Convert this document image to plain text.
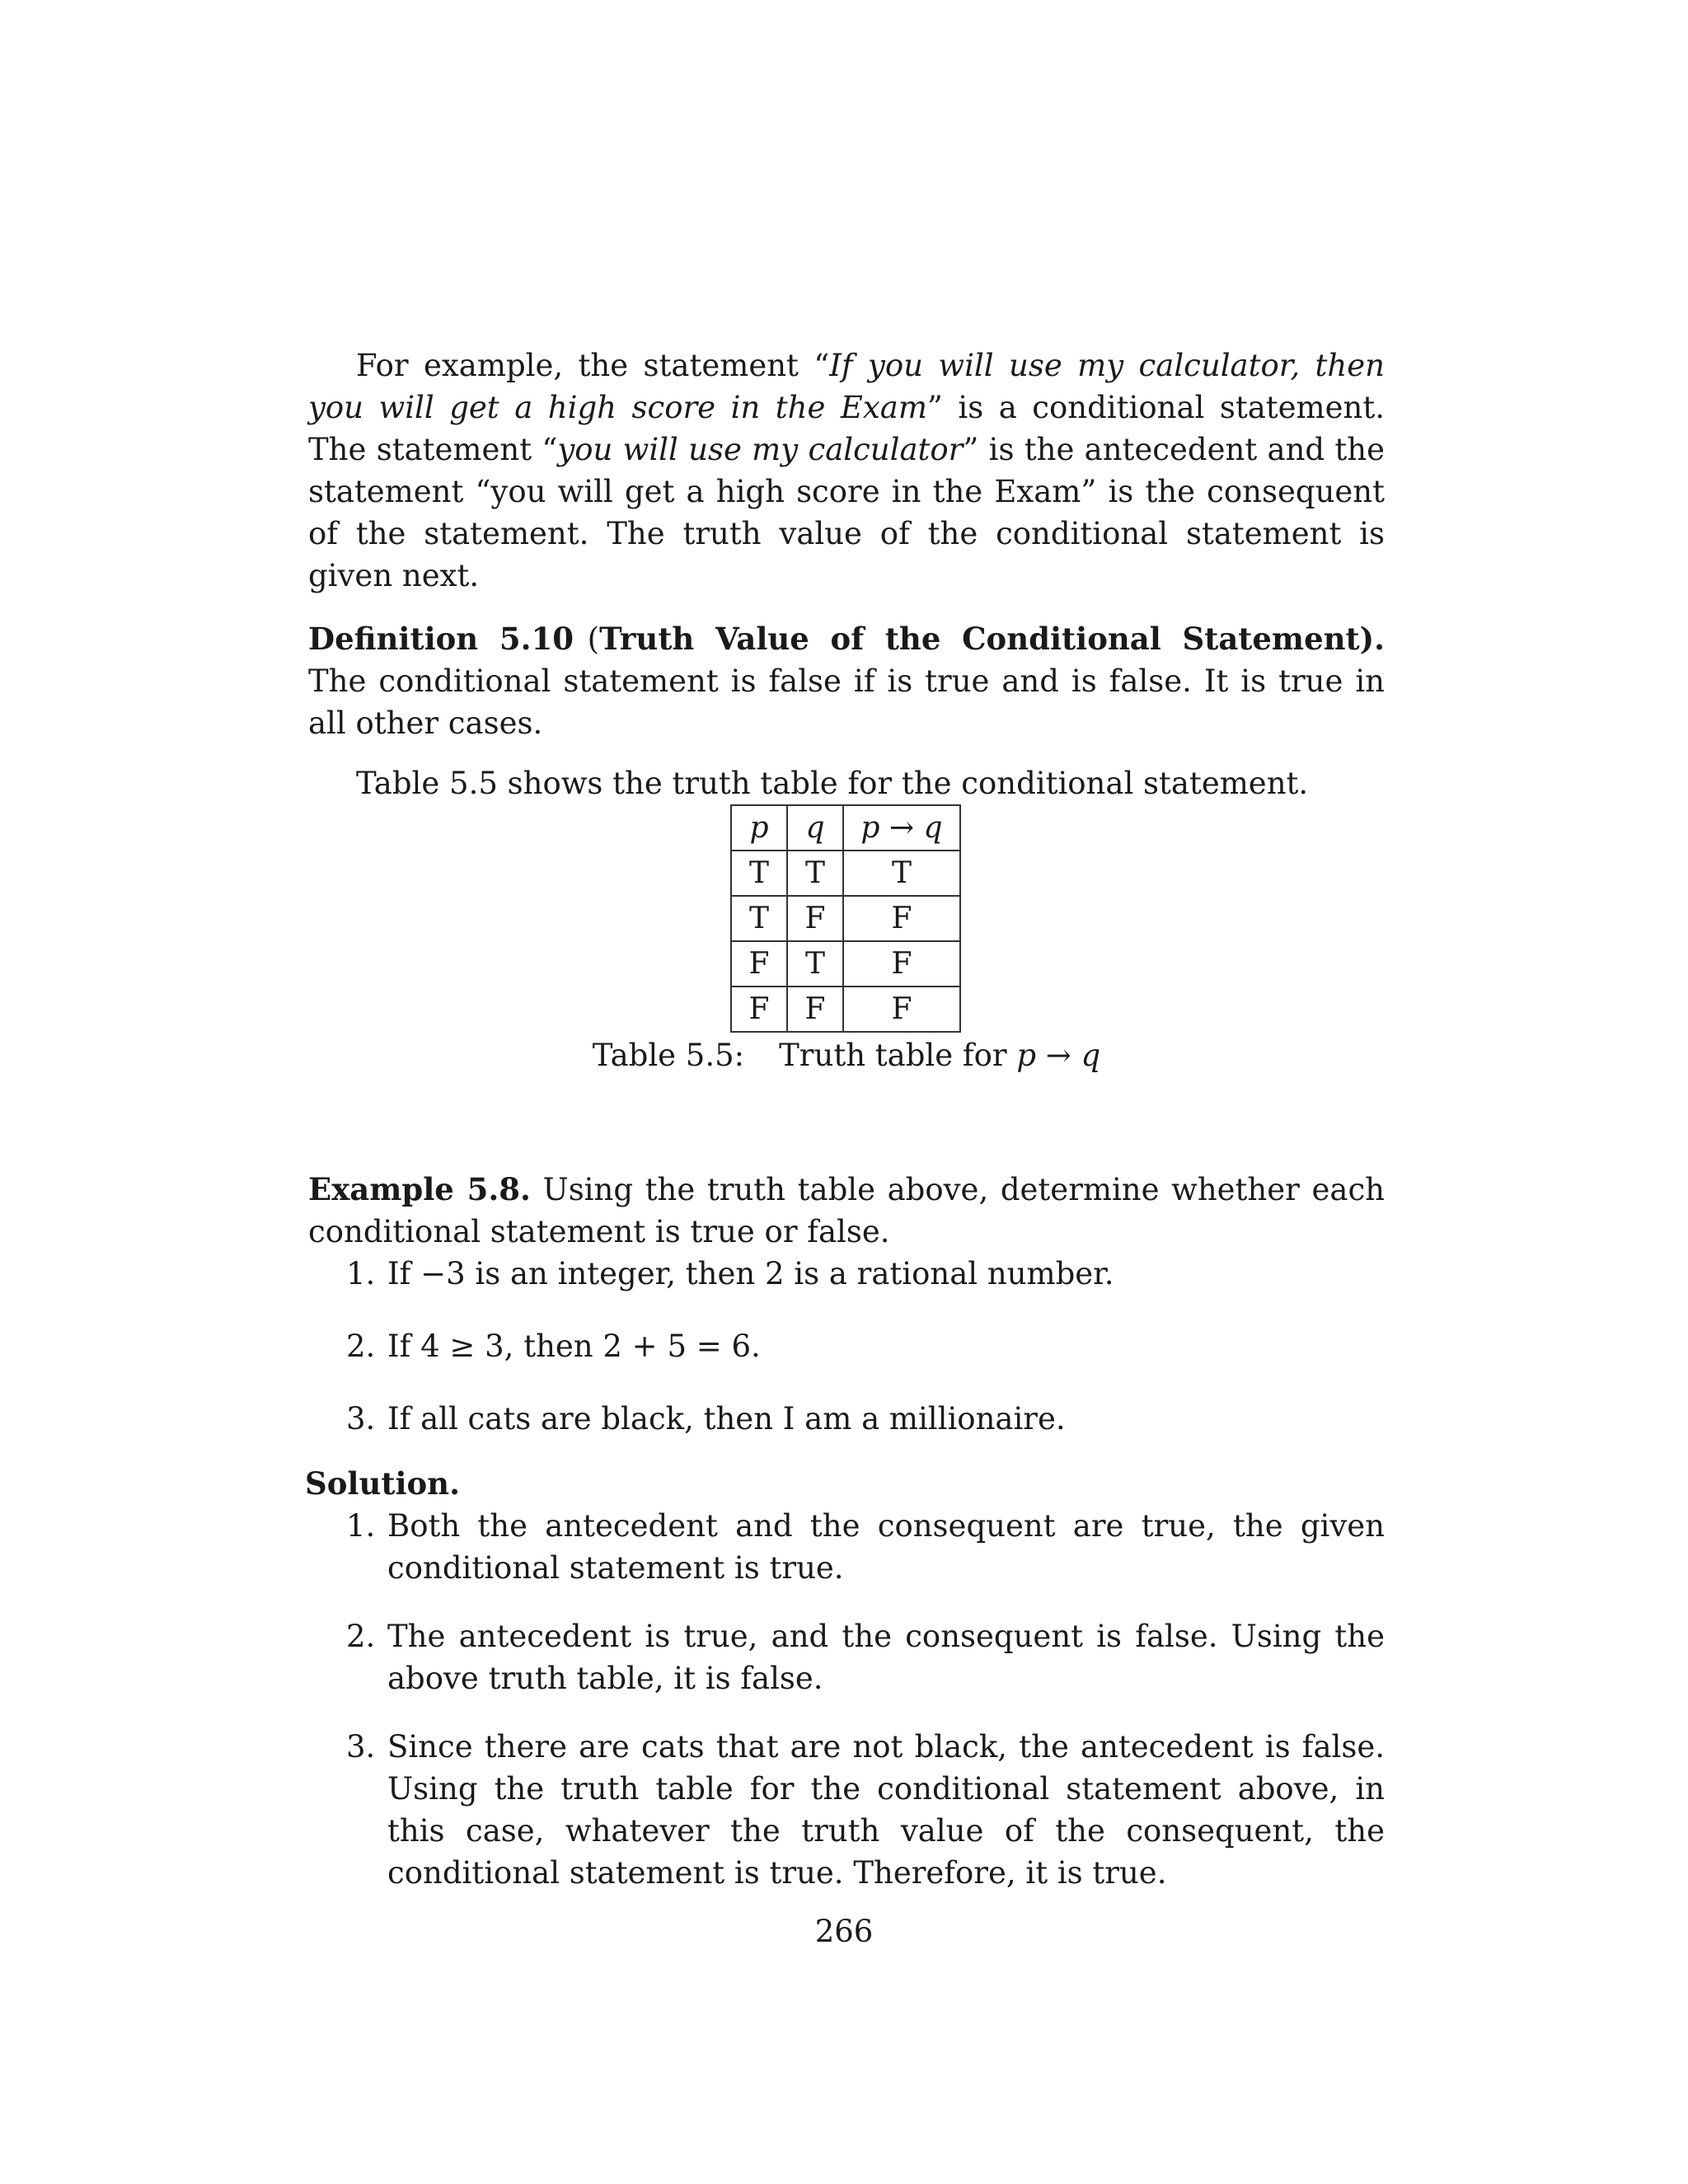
For example, the statement “If you will use my calculator, then you will get a high score in the Exam” is a conditional statement. The statement “you will use my calculator” is the antecedent and the statement “you will get a high score in the Exam” is the consequent of the statement. The truth value of the conditional statement is given next.

Definition 5.10 (Truth Value of the Conditional Statement). The conditional statement is false if is true and is false. It is true in all other cases.

Table 5.5 shows the truth table for the conditional statement.

p	q	p → q
T	T	T
T	F	F
F	T	F
F	F	F
Table 5.5: Truth table for p → q

Example 5.8. Using the truth table above, determine whether each conditional statement is true or false.

1. If −3 is an integer, then 2 is a rational number.
2. If 4 ≥ 3, then 2 + 5 = 6.
3. If all cats are black, then I am a millionaire.
Solution.
1. Both the antecedent and the consequent are true, the given conditional statement is true.
2. The antecedent is true, and the consequent is false. Using the above truth table, it is false.
3. Since there are cats that are not black, the antecedent is false. Using the truth table for the conditional statement above, in this case, whatever the truth value of the consequent, the conditional statement is true. Therefore, it is true.
266
